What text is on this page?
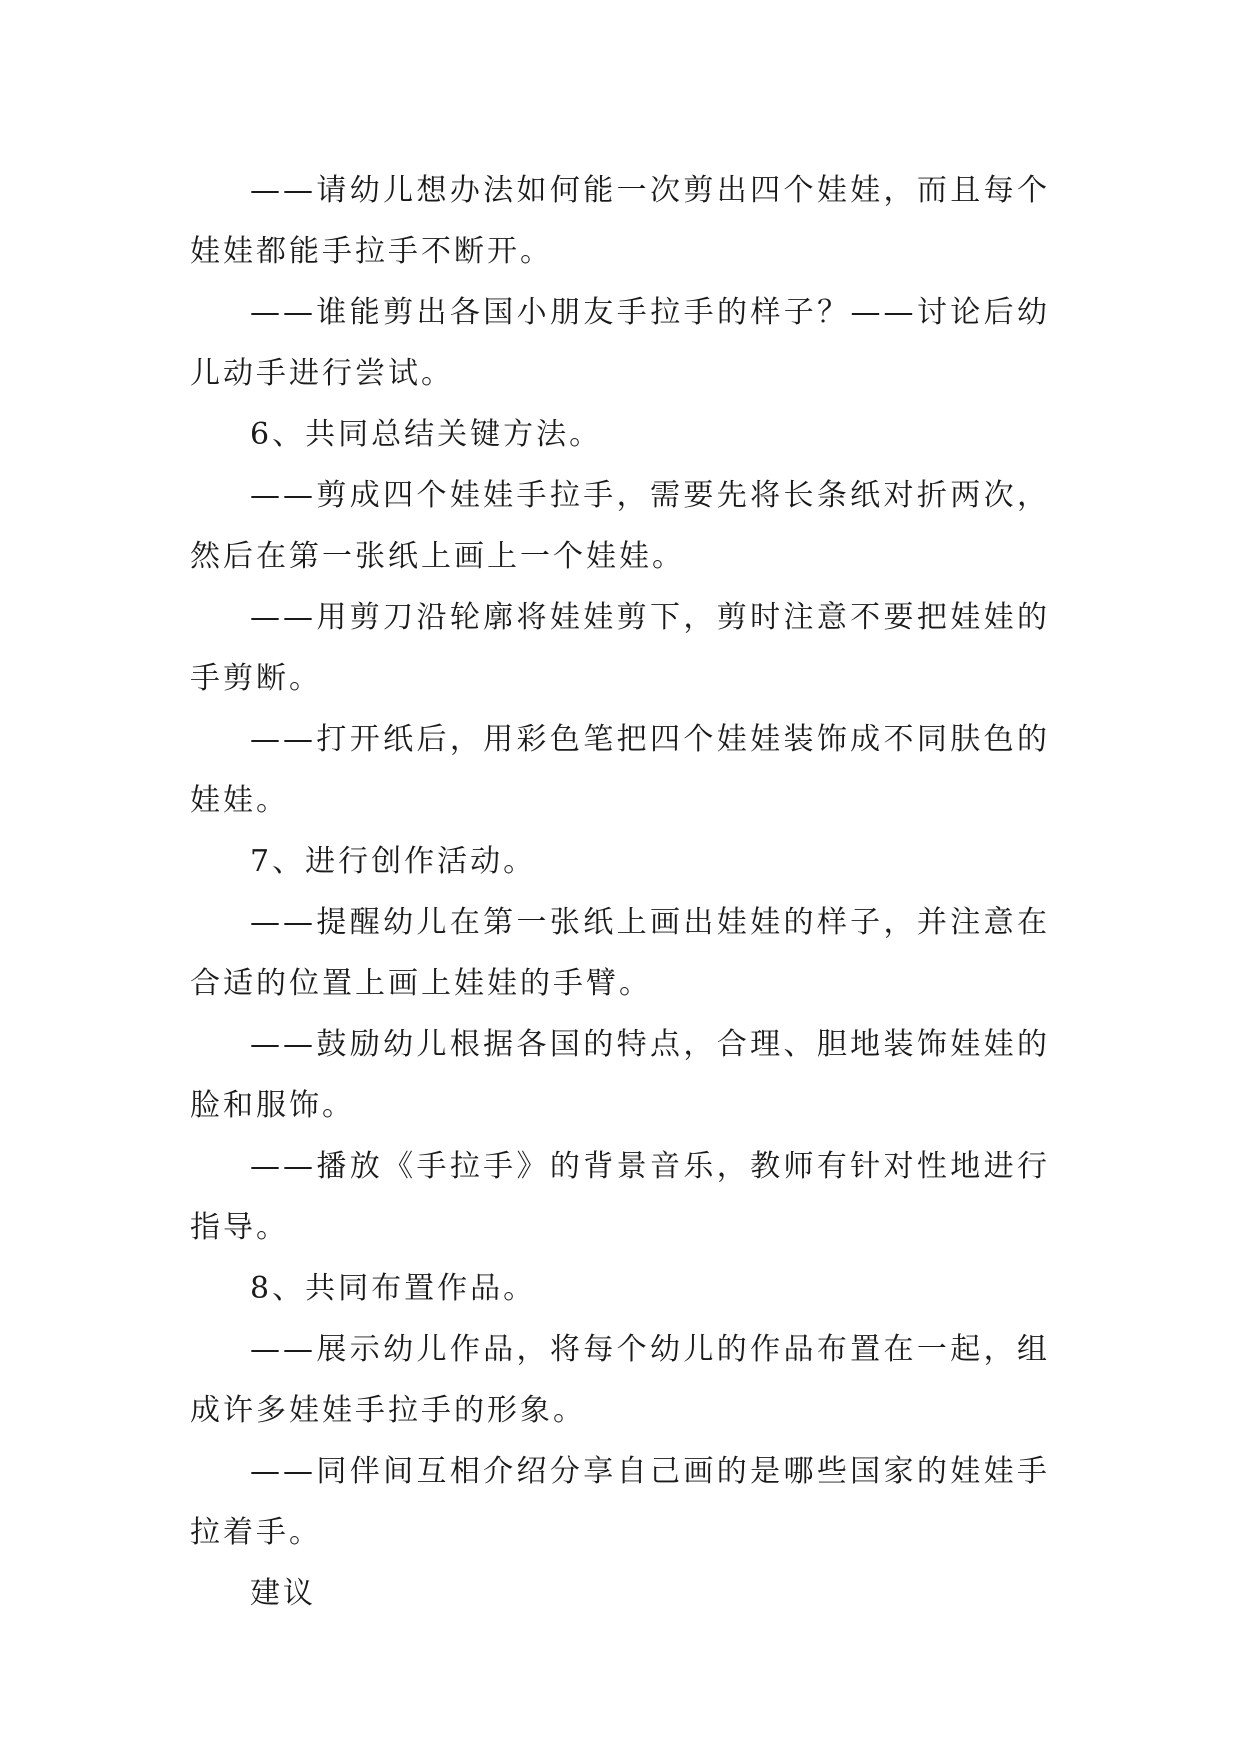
——请幼儿想办法如何能一次剪出四个娃娃，而且每个娃娃都能手拉手不断开。

——谁能剪出各国小朋友手拉手的样子？——讨论后幼儿动手进行尝试。

6、共同总结关键方法。

——剪成四个娃娃手拉手，需要先将长条纸对折两次，然后在第一张纸上画上一个娃娃。

——用剪刀沿轮廓将娃娃剪下，剪时注意不要把娃娃的手剪断。

——打开纸后，用彩色笔把四个娃娃装饰成不同肤色的娃娃。

7、进行创作活动。

——提醒幼儿在第一张纸上画出娃娃的样子，并注意在合适的位置上画上娃娃的手臂。

——鼓励幼儿根据各国的特点，合理、胆地装饰娃娃的脸和服饰。

——播放《手拉手》的背景音乐，教师有针对性地进行指导。

8、共同布置作品。

——展示幼儿作品，将每个幼儿的作品布置在一起，组成许多娃娃手拉手的形象。

——同伴间互相介绍分享自己画的是哪些国家的娃娃手拉着手。

建议
